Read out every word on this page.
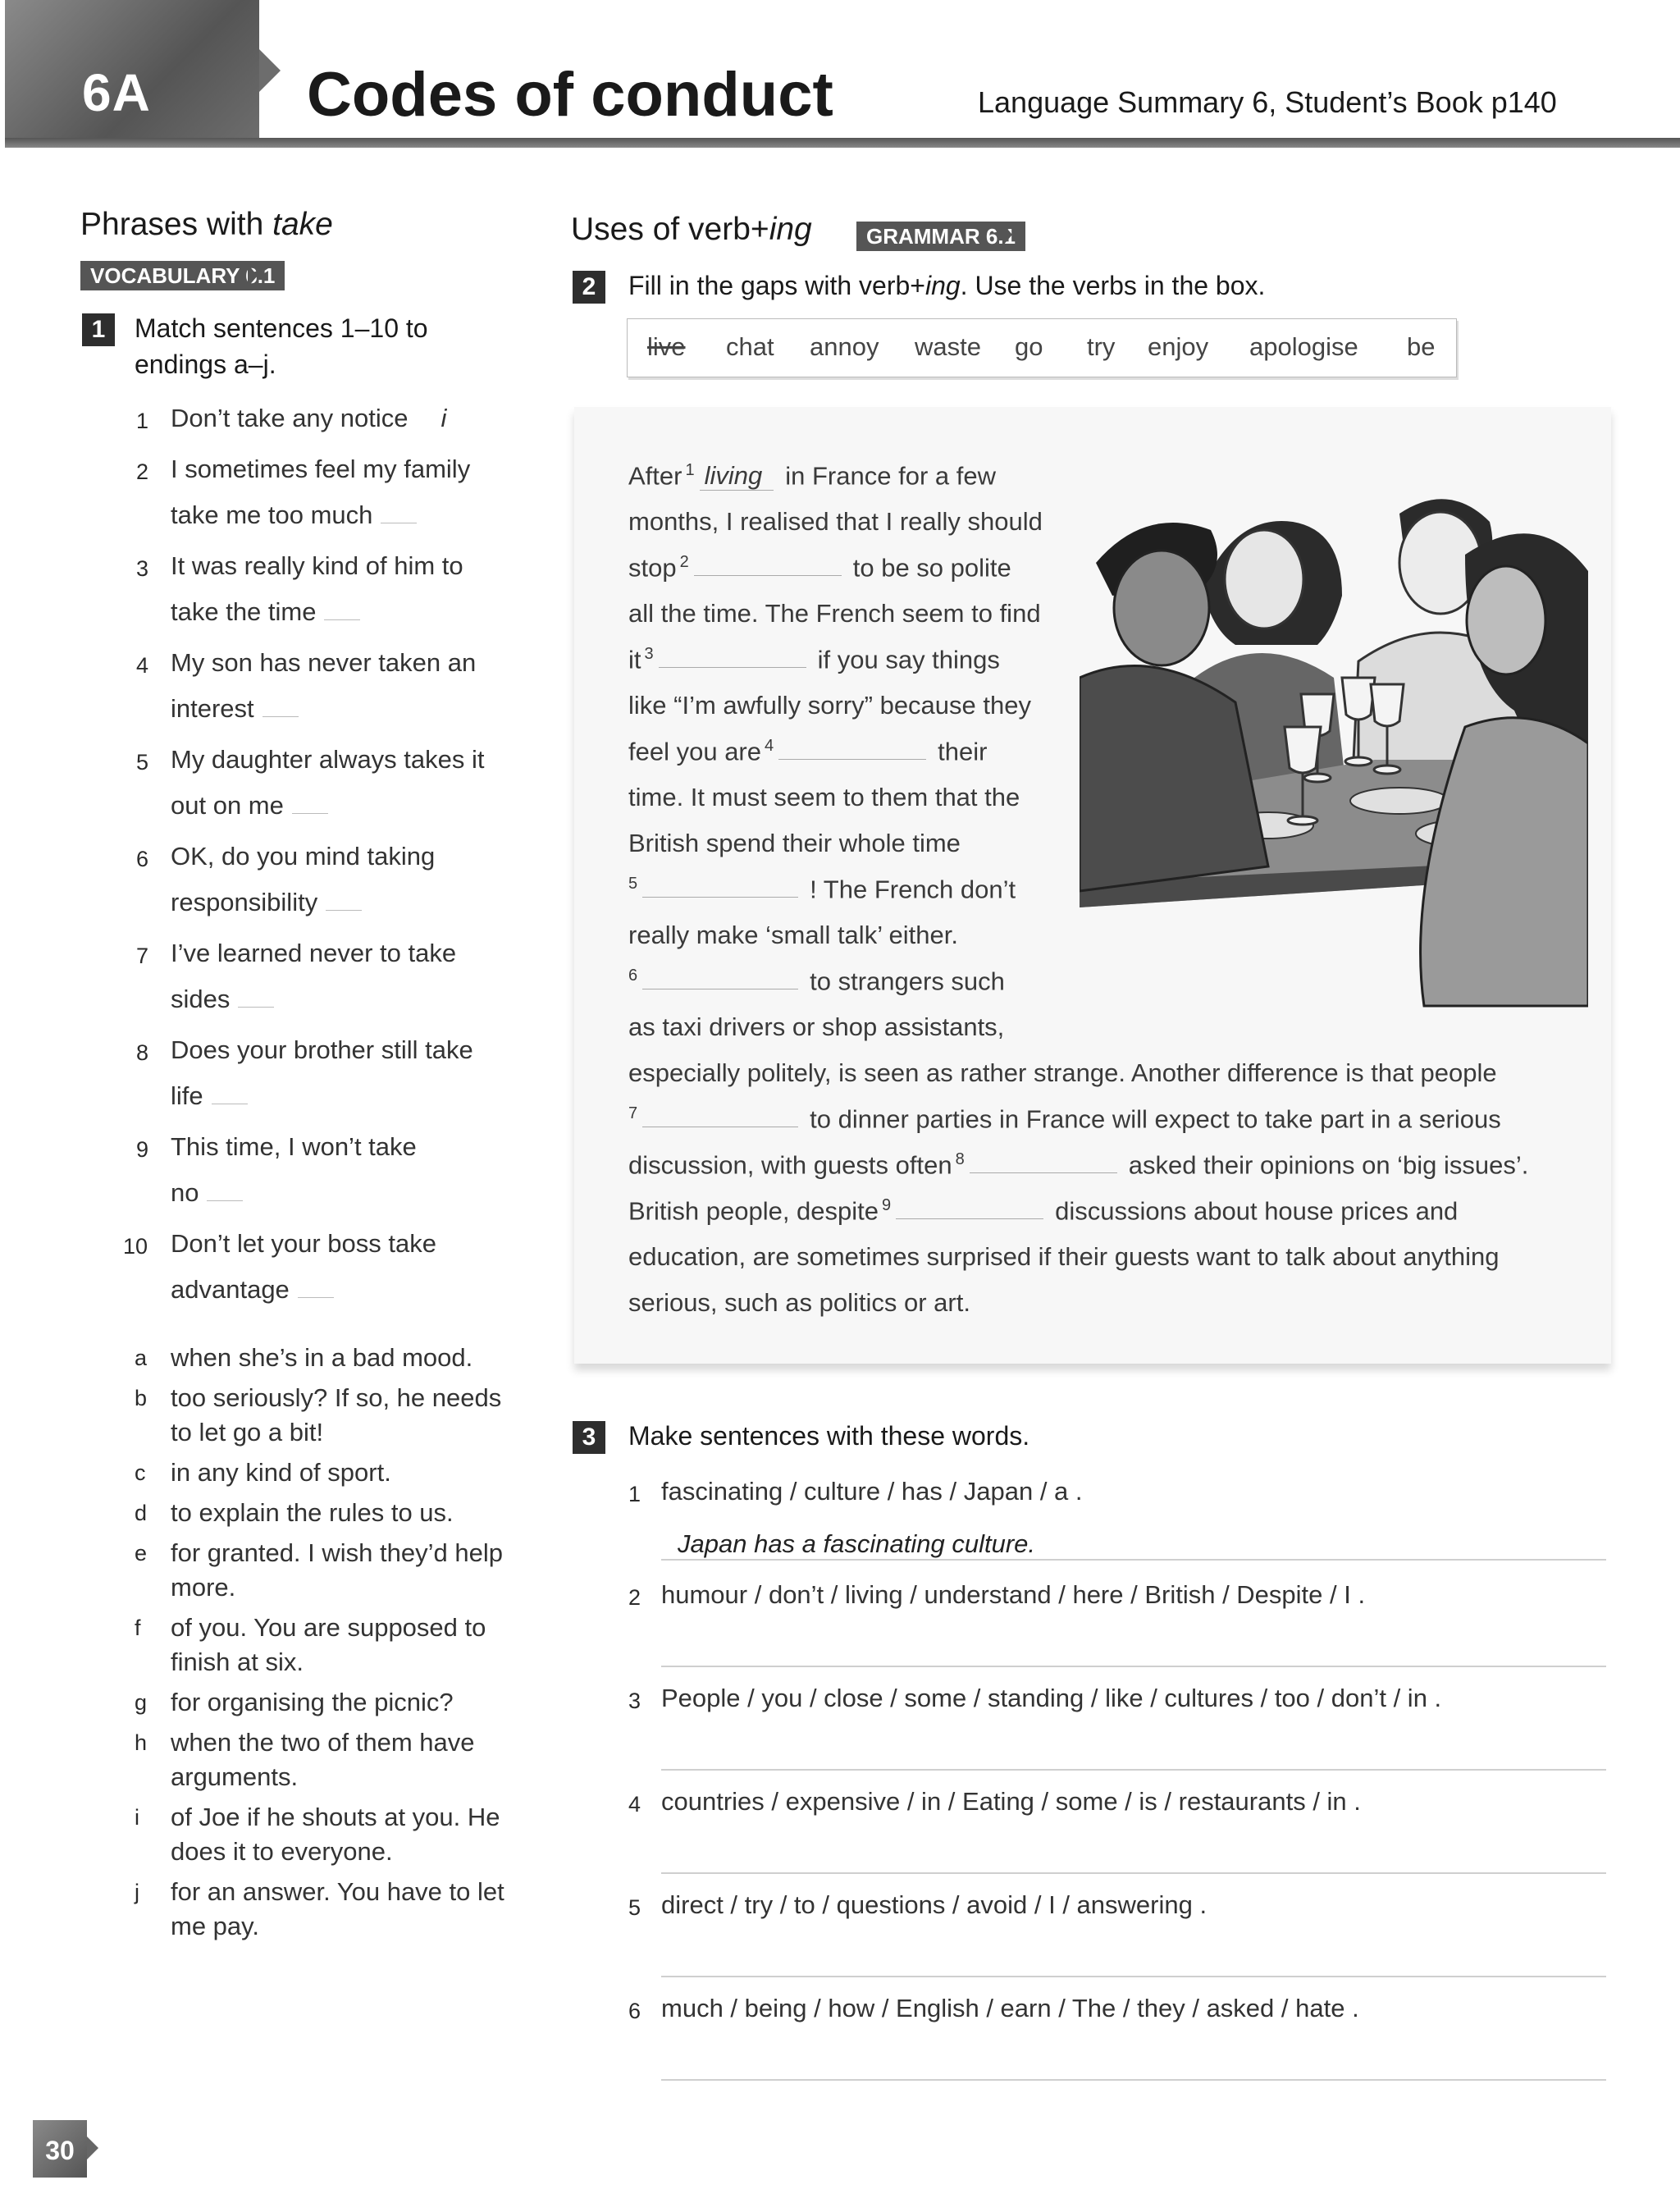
6A	Codes of conduct	Language Summary 6, Student’s Book p140
Phrases with take
VOCABULARY 6.1
1	Match sentences 1–10 to
endings a–j.
1 Don’t take any notice i
2 I sometimes feel my family
take me too much
3 It was really kind of him to
take the time
4 My son has never taken an
interest
5 My daughter always takes it
out on me
6 OK, do you mind taking
responsibility
7 I’ve learned never to take
sides
8 Does your brother still take
life
9 This time, I won’t take
no
10 Don’t let your boss take
advantage
a when she’s in a bad mood.
b too seriously? If so, he needs
to let go a bit!
c in any kind of sport.
d to explain the rules to us.
e for granted. I wish they’d help
more.
f of you. You are supposed to
finish at six.
g for organising the picnic?
h when the two of them have
arguments.
i of Joe if he shouts at you. He
does it to everyone.
j for an answer. You have to let
me pay.
Uses of verb+ing	GRAMMAR 6.1
2	Fill in the gaps with verb+ing. Use the verbs in the box.
live chat annoy waste go try enjoy apologise be
After $^1$ living in France for a few
months, I realised that I really should
stop $^2$	to be so polite
all the time. The French seem to find
it $^3$	if you say things
like “I’m awfully sorry” because they
feel you are $^4$	their
time. It must seem to them that the
British spend their whole time
$^5$	! The French don’t
really make ‘small talk’ either.
$^6$	to strangers such
as taxi drivers or shop assistants,
especially politely, is seen as rather strange. Another difference is that people
$^7$	to dinner parties in France will expect to take part in a serious
discussion, with guests often $^8$	asked their opinions on ‘big issues’.
British people, despite $^9$	discussions about house prices and
education, are sometimes surprised if their guests want to talk about anything
serious, such as politics or art.
3	Make sentences with these words.
1 fascinating / culture / has / Japan / a .
Japan has a fascinating culture.
2 humour / don’t / living / understand / here / British / Despite / I .
3 People / you / close / some / standing / like / cultures / too / don’t / in .
4 countries / expensive / in / Eating / some / is / restaurants / in .
5 direct / try / to / questions / avoid / I / answering .
6 much / being / how / English / earn / The / they / asked / hate .
30
